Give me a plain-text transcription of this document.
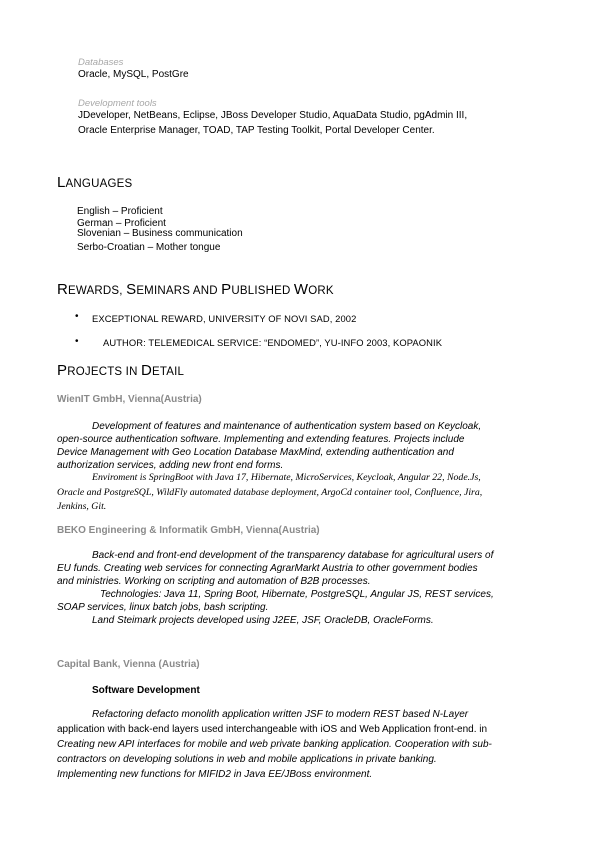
Databases
Oracle, MySQL, PostGre
Development tools
JDeveloper, NetBeans, Eclipse, JBoss Developer Studio, AquaData Studio, pgAdmin III,
Oracle Enterprise Manager, TOAD, TAP Testing Toolkit, Portal Developer Center.
LANGUAGES
English – Proficient
German – Proficient
Slovenian – Business communication
Serbo-Croatian – Mother tongue
REWARDS, SEMINARS AND PUBLISHED WORK
• EXCEPTIONAL REWARD, UNIVERSITY OF NOVI SAD, 2002
•	AUTHOR: TELEMEDICAL SERVICE: “ENDOMED”, YU-INFO 2003, KOPAONIK
PROJECTS IN DETAIL
WienIT GmbH, Vienna(Austria)
Development of features and maintenance of authentication system based on Keycloak,
open-source authentication software. Implementing and extending features. Projects include
Device Management with Geo Location Database MaxMind, extending authentication and
authorization services, adding new front end forms.
Enviroment is SpringBoot with Java 17, Hibernate, MicroServices, Keycloak, Angular 22, Node.Js,
Oracle and PostgreSQL, WildFly automated database deployment, ArgoCd container tool, Confluence, Jira,
Jenkins, Git.
BEKO Engineering & Informatik GmbH, Vienna(Austria)
Back-end and front-end development of the transparency database for agricultural users of
EU funds. Creating web services for connecting AgrarMarkt Austria to other government bodies
and ministries. Working on scripting and automation of B2B processes.
Technologies: Java 11, Spring Boot, Hibernate, PostgreSQL, Angular JS, REST services,
SOAP services, linux batch jobs, bash scripting.
Land Steimark projects developed using J2EE, JSF, OracleDB, OracleForms.
Capital Bank, Vienna (Austria)
Software Development
Refactoring defacto monolith application written JSF to modern REST based N-Layer
application with back-end layers used interchangeable with iOS and Web Application front-end. in
Creating new API interfaces for mobile and web private banking application. Cooperation with sub-
contractors on developing solutions in web and mobile applications in private banking.
Implementing new functions for MIFID2 in Java EE/JBoss environment.
